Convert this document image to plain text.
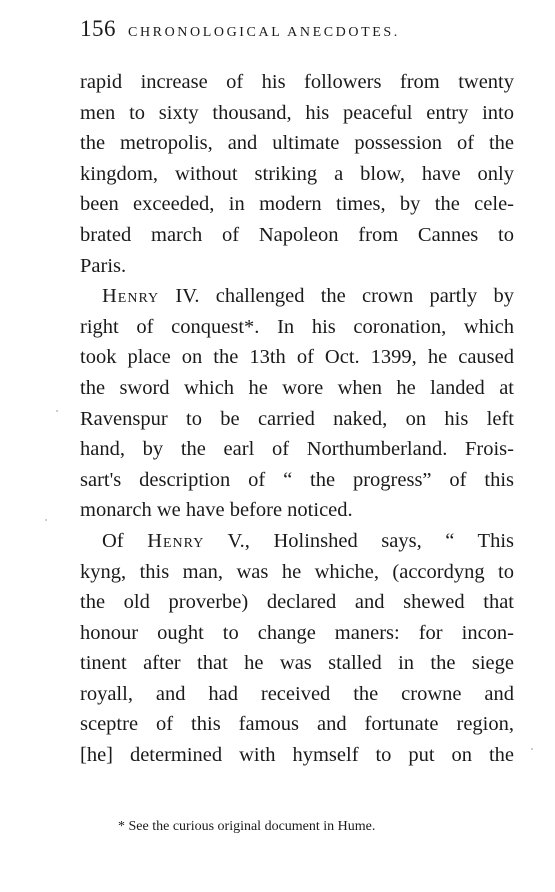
156 CHRONOLOGICAL ANECDOTES.
rapid increase of his followers from twenty
men to sixty thousand, his peaceful entry into
the metropolis, and ultimate possession of the
kingdom, without striking a blow, have only
been exceeded, in modern times, by the cele-
brated march of Napoleon from Cannes to
Paris.
Henry IV. challenged the crown partly by
right of conquest*. In his coronation, which
took place on the 13th of Oct. 1399, he caused
the sword which he wore when he landed at
Ravenspur to be carried naked, on his left
hand, by the earl of Northumberland. Frois-
sart's description of “ the progress” of this
monarch we have before noticed.
Of Henry V., Holinshed says, “ This
kyng, this man, was he whiche, (accordyng to
the old proverbe) declared and shewed that
honour ought to change maners: for incon-
tinent after that he was stalled in the siege
royall, and had received the crowne and
sceptre of this famous and fortunate region,
[he] determined with hymself to put on the
* See the curious original document in Hume.
